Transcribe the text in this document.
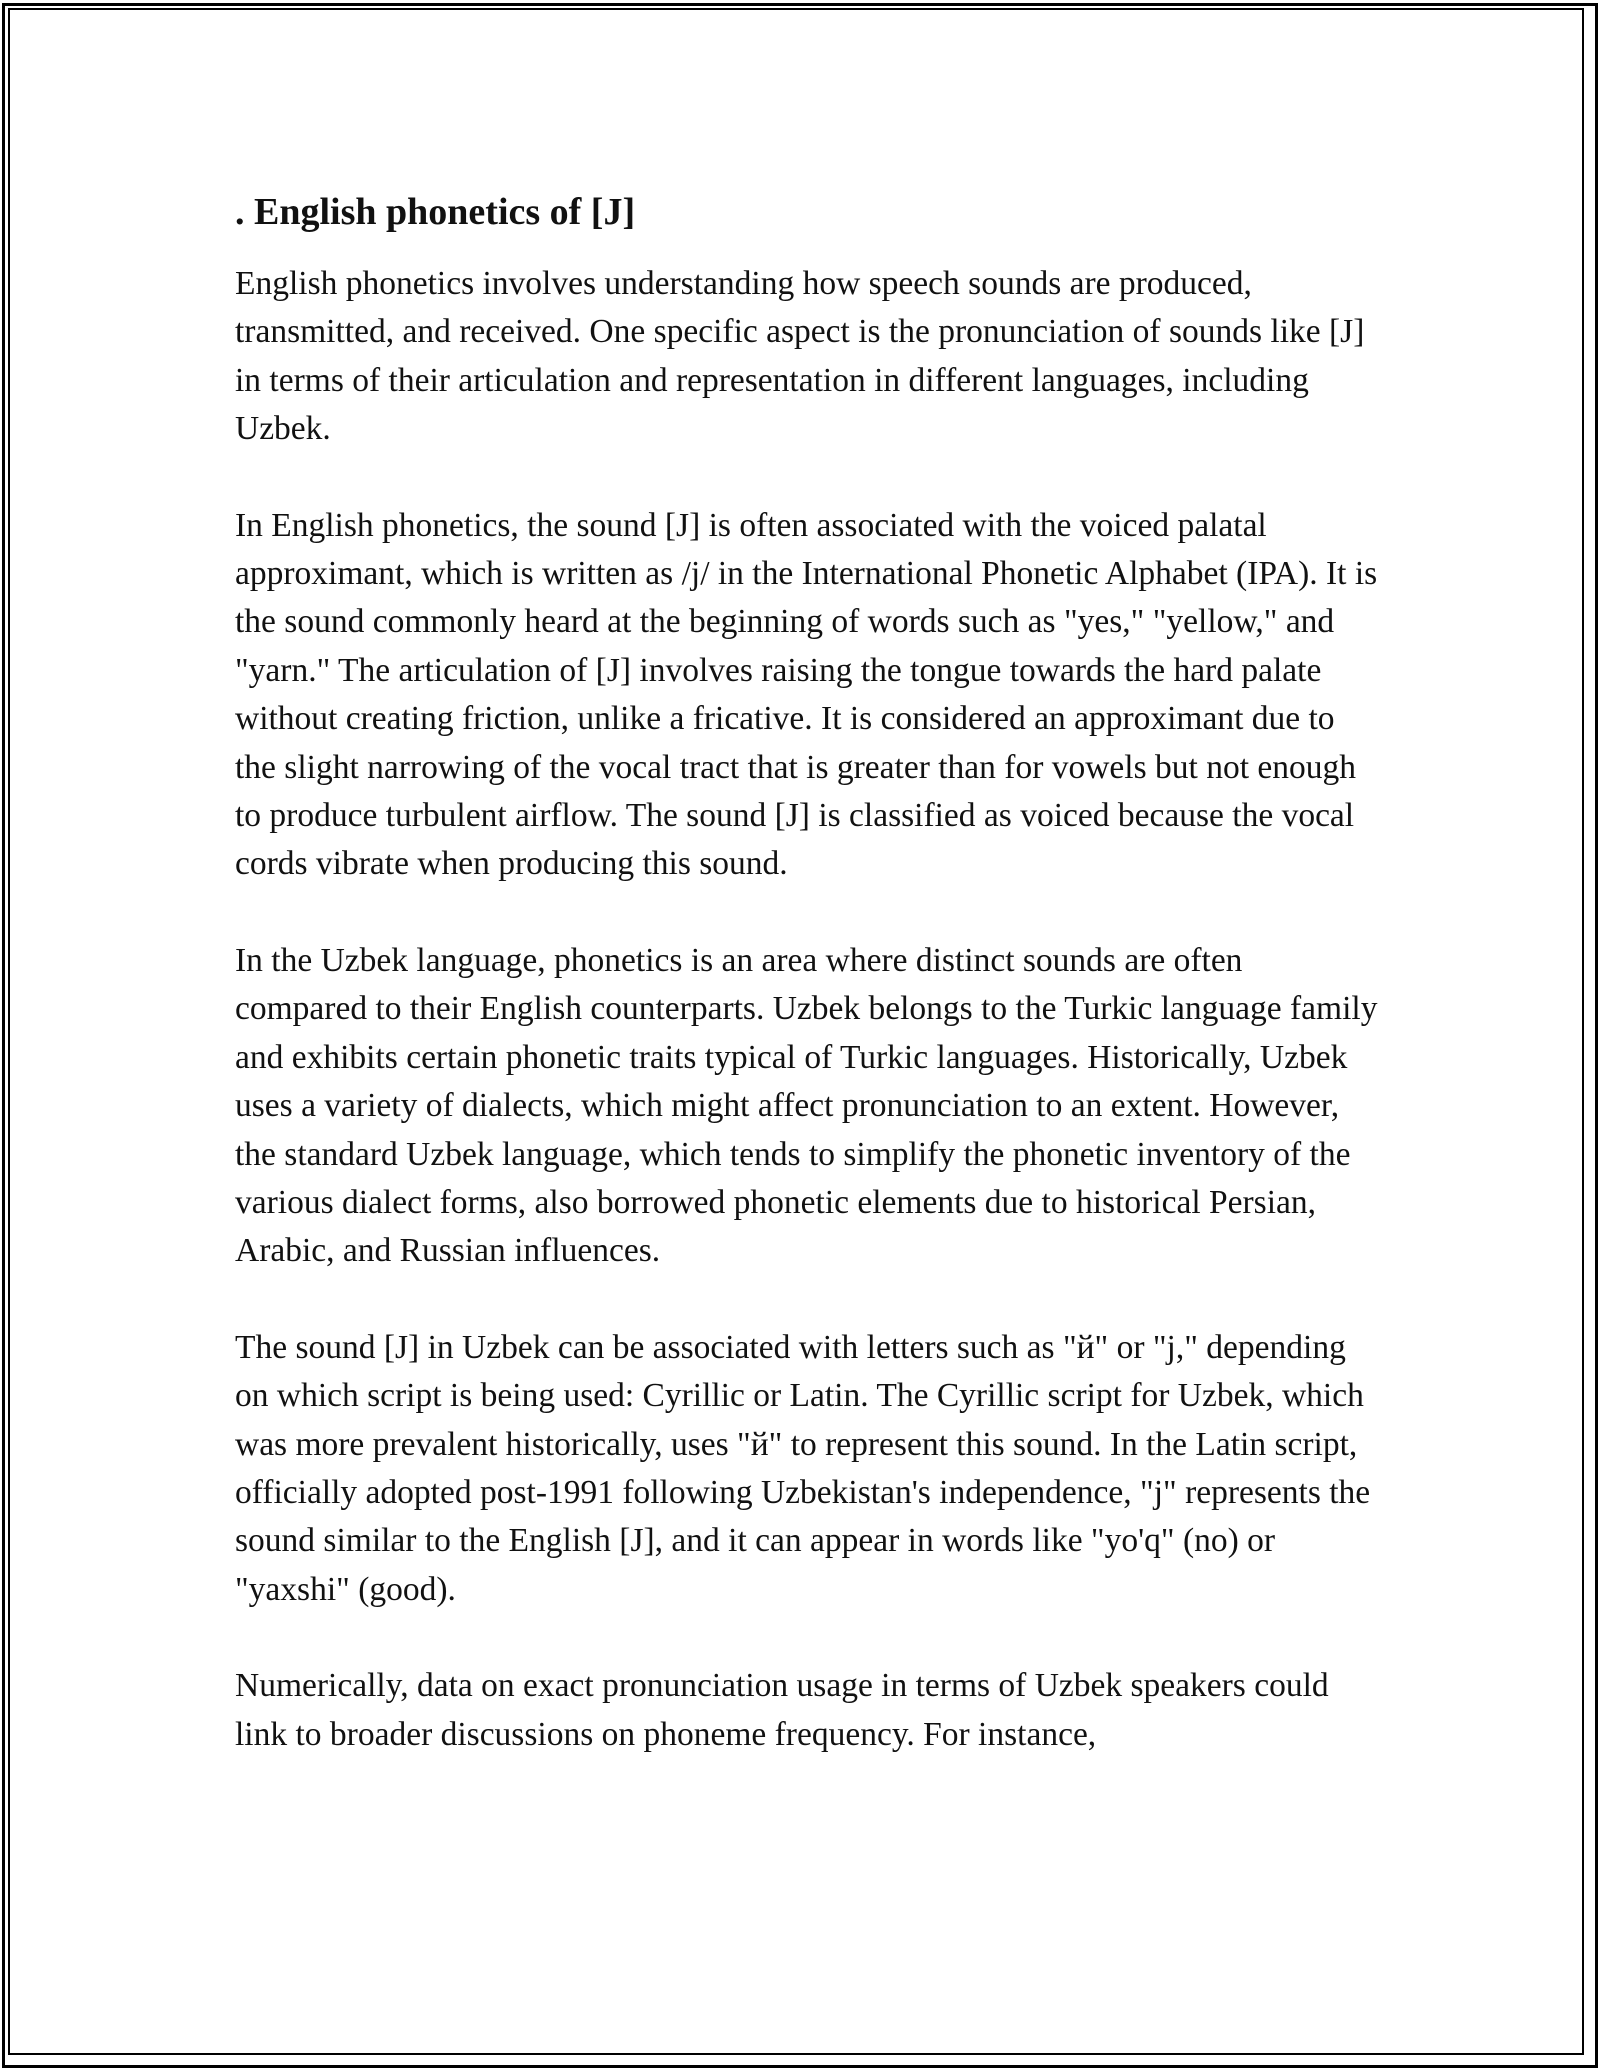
. English phonetics of [J]

English phonetics involves understanding how speech sounds are produced, transmitted, and received. One specific aspect is the pronunciation of sounds like [J] in terms of their articulation and representation in different languages, including Uzbek.

In English phonetics, the sound [J] is often associated with the voiced palatal approximant, which is written as /j/ in the International Phonetic Alphabet (IPA). It is the sound commonly heard at the beginning of words such as "yes," "yellow," and "yarn." The articulation of [J] involves raising the tongue towards the hard palate without creating friction, unlike a fricative. It is considered an approximant due to the slight narrowing of the vocal tract that is greater than for vowels but not enough to produce turbulent airflow. The sound [J] is classified as voiced because the vocal cords vibrate when producing this sound.

In the Uzbek language, phonetics is an area where distinct sounds are often compared to their English counterparts. Uzbek belongs to the Turkic language family and exhibits certain phonetic traits typical of Turkic languages. Historically, Uzbek uses a variety of dialects, which might affect pronunciation to an extent. However, the standard Uzbek language, which tends to simplify the phonetic inventory of the various dialect forms, also borrowed phonetic elements due to historical Persian, Arabic, and Russian influences.

The sound [J] in Uzbek can be associated with letters such as "й" or "j," depending on which script is being used: Cyrillic or Latin. The Cyrillic script for Uzbek, which was more prevalent historically, uses "й" to represent this sound. In the Latin script, officially adopted post-1991 following Uzbekistan's independence, "j" represents the sound similar to the English [J], and it can appear in words like "yo'q" (no) or "yaxshi" (good).

Numerically, data on exact pronunciation usage in terms of Uzbek speakers could link to broader discussions on phoneme frequency. For instance,
